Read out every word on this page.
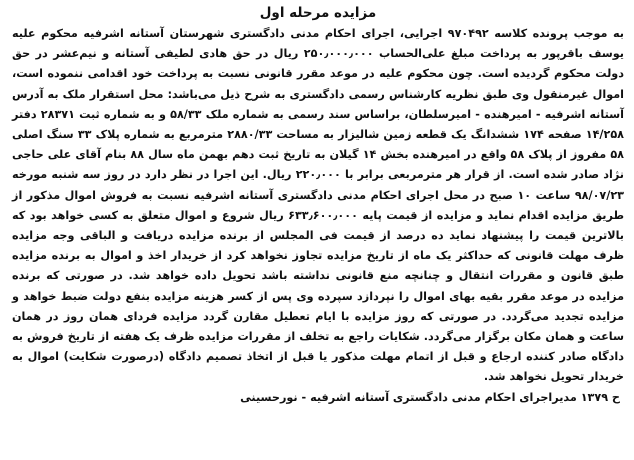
مزایده مرحله اول

به موجب پرونده کلاسه ۹۷۰۴۹۲ اجرایی، اجرای احکام مدنی دادگستری شهرستان آستانه اشرفیه محکوم علیه یوسف باقرپور به پرداخت مبلغ علی‌الحساب ۲۵۰٫۰۰۰٫۰۰۰ ریال در حق هادی لطیفی آستانه و نیم‌عشر در حق دولت محکوم گردیده است. چون محکوم علیه در موعد مقرر قانونی نسبت به پرداخت خود اقدامی ننموده است، اموال غیرمنقول وی طبق نظریه کارشناس رسمی دادگستری به شرح ذیل می‌باشد: محل استقرار ملک به آدرس آستانه اشرفیه - امیرهنده - امیرسلطان، براساس سند رسمی به شماره ملک ۵۸/۳۳ و به شماره ثبت ۲۸۳۷۱ دفتر ۱۴/۲۵۸ صفحه ۱۷۴ ششدانگ یک قطعه زمین شالیزار به مساحت ۲۸۸۰/۳۳ مترمربع به شماره پلاک ۳۳ سنگ اصلی ۵۸ مفروز از پلاک ۵۸ واقع در امیرهنده بخش ۱۴ گیلان به تاریخ ثبت دهم بهمن ماه سال ۸۸ بنام آقای علی حاجی نژاد صادر شده است. از قرار هر مترمربعی برابر با ۲۲۰٫۰۰۰ ریال. این اجرا در نظر دارد در روز سه شنبه مورخه ۹۸/۰۷/۲۳ ساعت ۱۰ صبح در محل اجرای احکام مدنی دادگستری آستانه اشرفیه نسبت به فروش اموال مذکور از طریق مزایده اقدام نماید و مزایده از قیمت پایه ۶۳۳٫۶۰۰٫۰۰۰ ریال شروع و اموال متعلق به کسی خواهد بود که بالاترین قیمت را پیشنهاد نماید ده درصد از قیمت فی المجلس از برنده مزایده دریافت و الباقی وجه مزایده ظرف مهلت قانونی که حداکثر یک ماه از تاریخ مزایده تجاوز نخواهد کرد از خریدار اخذ و اموال به برنده مزایده طبق قانون و مقررات انتقال و چنانچه منع قانونی نداشته باشد تحویل داده خواهد شد. در صورتی که برنده مزایده در موعد مقرر بقیه بهای اموال را نپردازد سپرده وی پس از کسر هزینه مزایده بنفع دولت ضبط خواهد و مزایده تجدید می‌گردد. در صورتی که روز مزایده با ایام تعطیل مقارن گردد مزایده فردای همان روز در همان ساعت و همان مکان برگزار می‌گردد. شکایات راجع به تخلف از مقررات مزایده ظرف یک هفته از تاریخ فروش به دادگاه صادر کننده ارجاع و قبل از اتمام مهلت مذکور یا قبل از اتخاذ تصمیم دادگاه (درصورت شکایت) اموال به خریدار تحویل نخواهد شد.

ح ۱۳۷۹ مدیراجرای احکام مدنی دادگستری آستانه اشرفیه - نورحسینی
